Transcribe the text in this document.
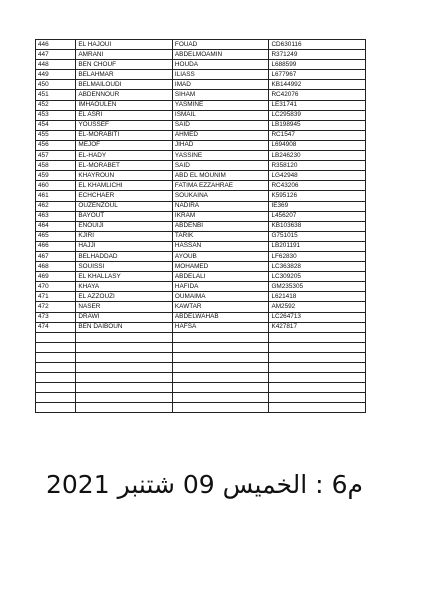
446	EL HAJOUI	FOUAD	CD630116
447	AMRANI	ABDELMOAMIN	R371249
448	BEN CHOUF	HOUDA	L688599
449	BELAHMAR	ILIASS	L677967
450	BELMAILOUDI	IMAD	KB144992
451	ABDENNOUR	SIHAM	RC42076
452	IMHAOULEN	YASMINE	LE31741
453	EL ASRI	ISMAIL	LC295839
454	YOUSSEF	SAID	LB198945
455	EL-MORABITI	AHMED	RC1547
456	MEJOF	JIHAD	L694908
457	EL-HADY	YASSINE	LB246230
458	EL-MORABET	SAID	R358120
459	KHAYROUN	ABD EL MOUNIM	LG42948
460	EL KHAMLICHI	FATIMA EZZAHRAE	RC43206
461	ECHCHAER	SOUKAINA	K595126
462	OUZENZOUL	NADIRA	IE369
463	BAYOUT	IKRAM	L456207
464	ENOUIJI	ABDENBI	KB103638
465	KJIRI	TARIK	G751015
466	HAJJI	HASSAN	LB201191
467	BELHADDAD	AYOUB	LF62830
468	SOUISSI	MOHAMED	LC363828
469	EL KHALLASY	ABDELALI	LC309205
470	KHAYA	HAFIDA	GM235305
471	EL AZZOUZI	OUMAIMA	L621418
472	NASER	KAWTAR	AM2592
473	DRAWI	ABDELWAHAB	LC264713
474	BEN DAIBOUN	HAFSA	K427817

م6 : الخميس 09 شتنبر 2021
